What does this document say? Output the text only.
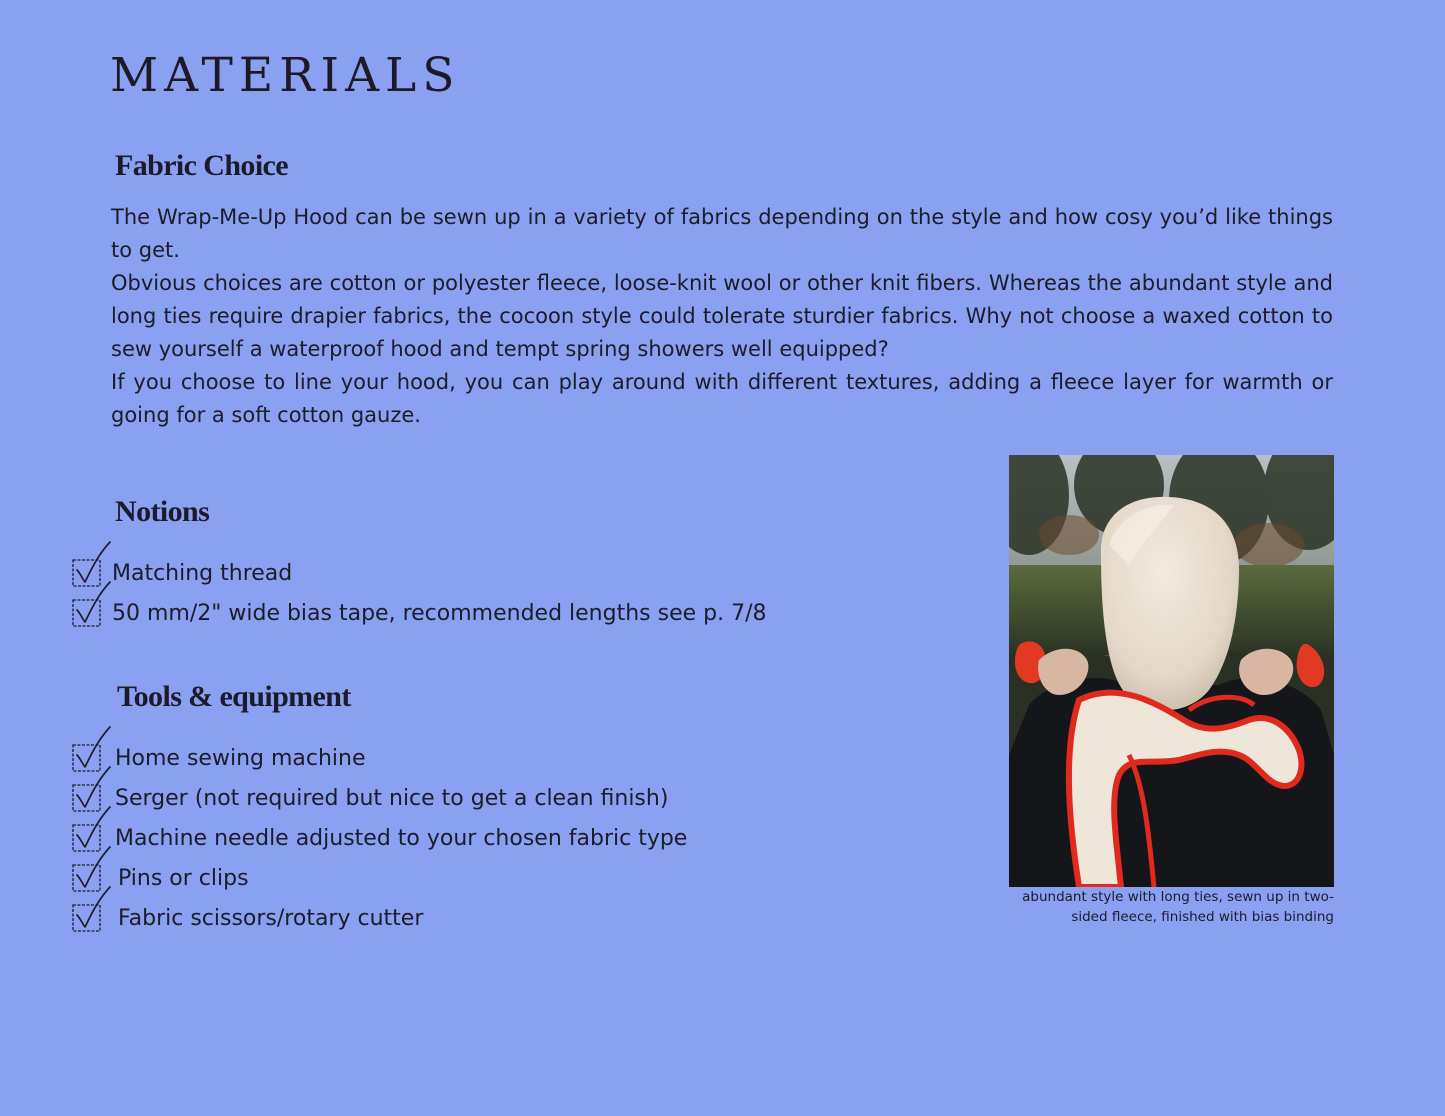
MATERIALS
Fabric Choice

The Wrap-Me-Up Hood can be sewn up in a variety of fabrics depending on the style and how cosy you’d like things to get.

Obvious choices are cotton or polyester fleece, loose-knit wool or other knit fibers. Whereas the abundant style and long ties require drapier fabrics, the cocoon style could tolerate sturdier fabrics. Why not choose a waxed cotton to sew yourself a waterproof hood and tempt spring showers well equipped?

If you choose to line your hood, you can play around with different textures, adding a fleece layer for warmth or going for a soft cotton gauze.

Notions
Matching thread
50 mm/2" wide bias tape, recommended lengths see p. 7/8
Tools & equipment
Home sewing machine
Serger (not required but nice to get a clean finish)
Machine needle adjusted to your chosen fabric type
Pins or clips
Fabric scissors/rotary cutter

abundant style with long ties, sewn up in two-
sided fleece, finished with bias binding
